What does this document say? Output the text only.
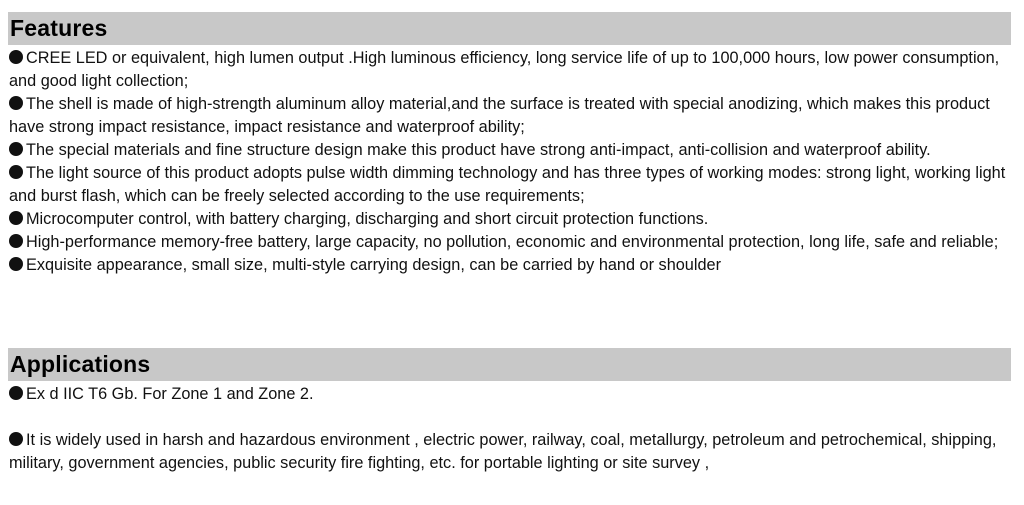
Features
CREE LED or equivalent, high lumen output .High luminous efficiency, long service life of up to 100,000 hours, low power consumption, and good light collection;
The shell is made of high-strength aluminum alloy material,and the surface is treated with special anodizing, which makes this product have strong impact resistance, impact resistance and waterproof ability;
The special materials and fine structure design make this product have strong anti-impact, anti-collision and waterproof ability.
The light source of this product adopts pulse width dimming technology and has three types of working modes: strong light, working light and burst flash, which can be freely selected according to the use requirements;
Microcomputer control, with battery charging, discharging and short circuit protection functions.
High-performance memory-free battery, large capacity, no pollution, economic and environmental protection, long life, safe and reliable;
Exquisite appearance, small size, multi-style carrying design, can be carried by hand or shoulder
Applications
Ex d IIC T6 Gb. For Zone 1 and Zone 2.
It is widely used in harsh and hazardous environment , electric power, railway, coal, metallurgy, petroleum and petrochemical, shipping, military, government agencies, public security fire fighting, etc. for portable lighting or site survey ,
